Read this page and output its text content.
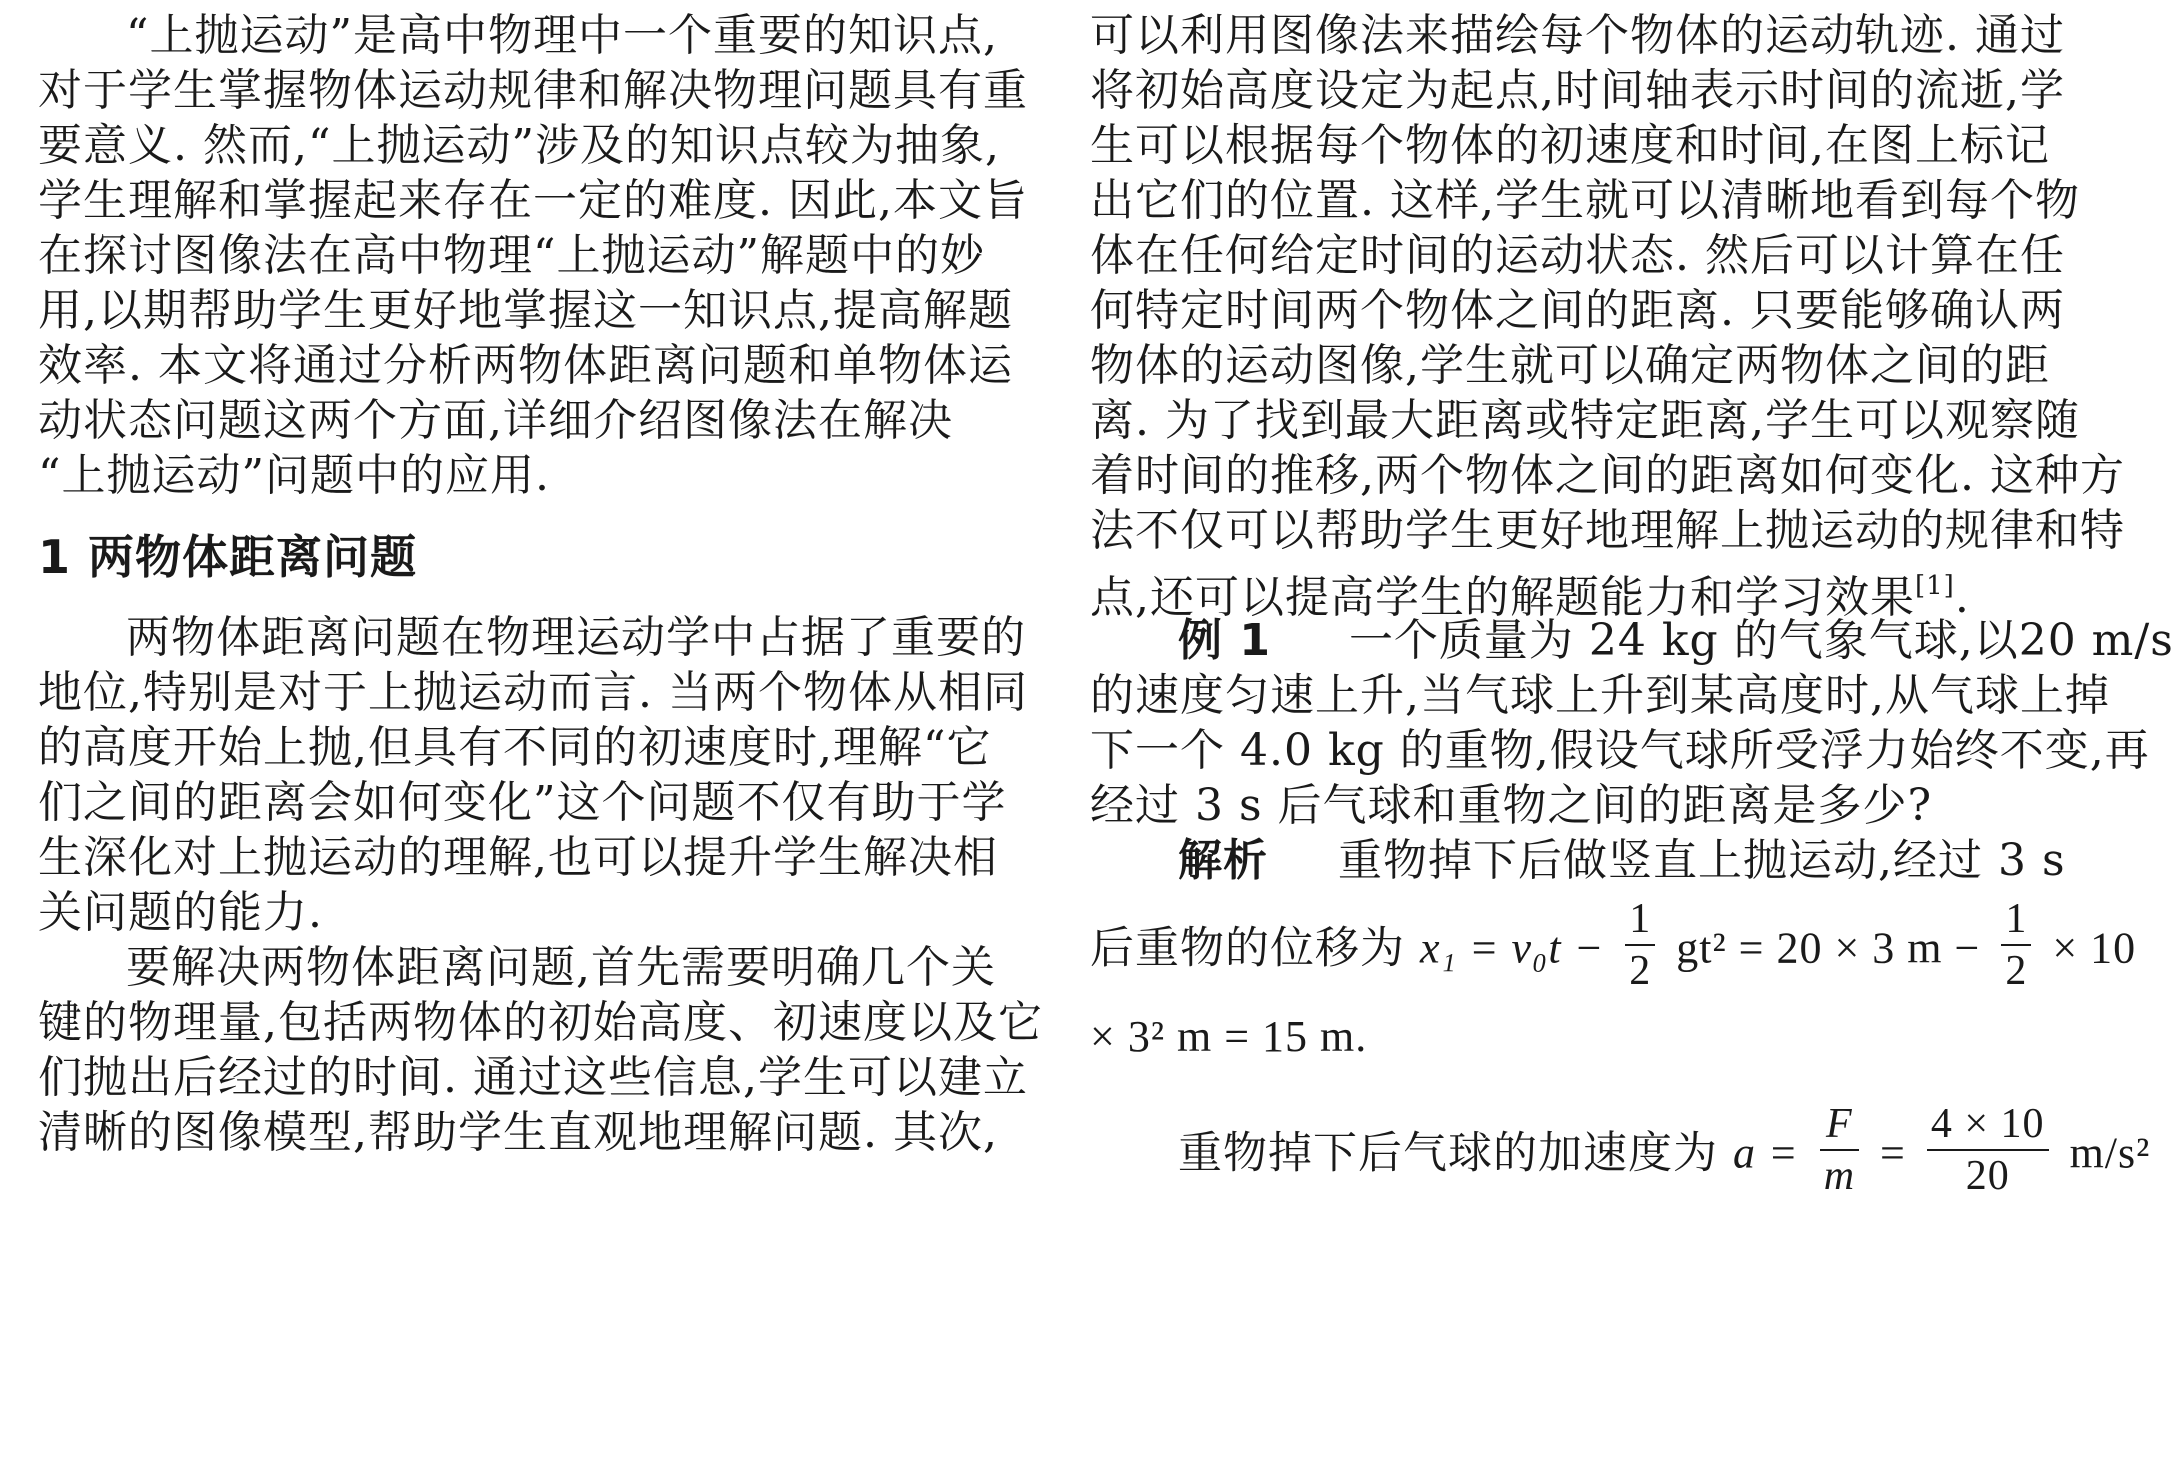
“上抛运动”是高中物理中一个重要的知识点,
对于学生掌握物体运动规律和解决物理问题具有重
要意义. 然而,“上抛运动”涉及的知识点较为抽象,
学生理解和掌握起来存在一定的难度. 因此,本文旨
在探讨图像法在高中物理“上抛运动”解题中的妙
用,以期帮助学生更好地掌握这一知识点,提高解题
效率. 本文将通过分析两物体距离问题和单物体运
动状态问题这两个方面,详细介绍图像法在解决
“上抛运动”问题中的应用.
1 两物体距离问题
两物体距离问题在物理运动学中占据了重要的
地位,特别是对于上抛运动而言. 当两个物体从相同
的高度开始上抛,但具有不同的初速度时,理解“它
们之间的距离会如何变化”这个问题不仅有助于学
生深化对上抛运动的理解,也可以提升学生解决相
关问题的能力.
要解决两物体距离问题,首先需要明确几个关
键的物理量,包括两物体的初始高度、初速度以及它
们抛出后经过的时间. 通过这些信息,学生可以建立
清晰的图像模型,帮助学生直观地理解问题. 其次,
可以利用图像法来描绘每个物体的运动轨迹. 通过
将初始高度设定为起点,时间轴表示时间的流逝,学
生可以根据每个物体的初速度和时间,在图上标记
出它们的位置. 这样,学生就可以清晰地看到每个物
体在任何给定时间的运动状态. 然后可以计算在任
何特定时间两个物体之间的距离. 只要能够确认两
物体的运动图像,学生就可以确定两物体之间的距
离. 为了找到最大距离或特定距离,学生可以观察随
着时间的推移,两个物体之间的距离如何变化. 这种方
法不仅可以帮助学生更好地理解上抛运动的规律和特
点,还可以提高学生的解题能力和学习效果[1].
例 1 一个质量为 24 kg 的气象气球,以20 m/s
的速度匀速上升,当气球上升到某高度时,从气球上掉
下一个 4.0 kg 的重物,假设气球所受浮力始终不变,再
经过 3 s 后气球和重物之间的距离是多少?
解析 重物掉下后做竖直上抛运动,经过 3 s
后重物的位移为 $x_1 = v_0t - \frac{1}{2} gt^2 = 20 \times 3$ $m - \frac{1}{2} \times 10$
× 3² m = 15 m.
重物掉下后气球的加速度为 $a = \frac{F}{m} = \frac{4 \times 10}{20} m/s^2$
